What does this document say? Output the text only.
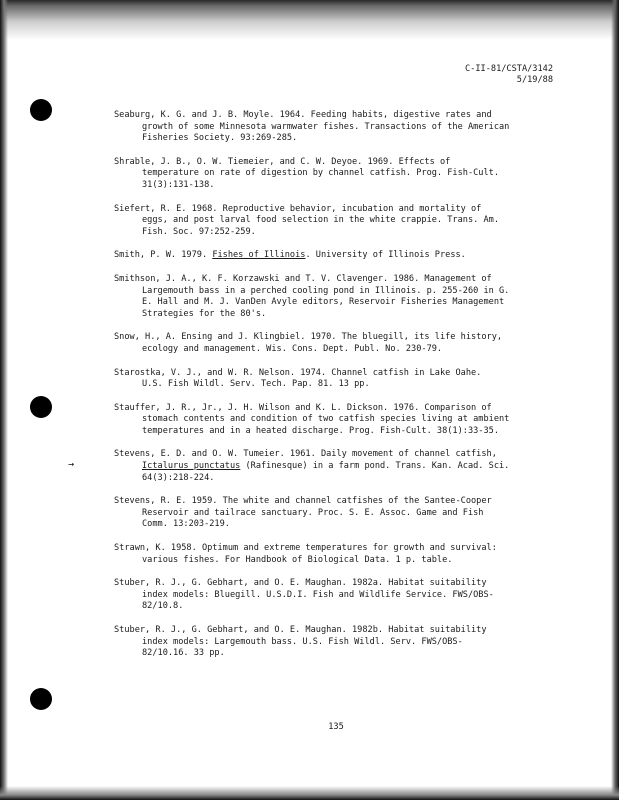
→
C-II-81/CSTA/3142
5/19/88
Seaburg, K. G. and J. B. Moyle. 1964. Feeding habits, digestive rates and
growth of some Minnesota warmwater fishes. Transactions of the American
Fisheries Society. 93:269-285.
Shrable, J. B., O. W. Tiemeier, and C. W. Deyoe. 1969. Effects of
temperature on rate of digestion by channel catfish. Prog. Fish-Cult.
31(3):131-138.
Siefert, R. E. 1968. Reproductive behavior, incubation and mortality of
eggs, and post larval food selection in the white crappie. Trans. Am.
Fish. Soc. 97:252-259.
Smith, P. W. 1979. Fishes of Illinois. University of Illinois Press.
Smithson, J. A., K. F. Korzawski and T. V. Clavenger. 1986. Management of
Largemouth bass in a perched cooling pond in Illinois. p. 255-260 in G.
E. Hall and M. J. VanDen Avyle editors, Reservoir Fisheries Management
Strategies for the 80's.
Snow, H., A. Ensing and J. Klingbiel. 1970. The bluegill, its life history,
ecology and management. Wis. Cons. Dept. Publ. No. 230-79.
Starostka, V. J., and W. R. Nelson. 1974. Channel catfish in Lake Oahe.
U.S. Fish Wildl. Serv. Tech. Pap. 81. 13 pp.
Stauffer, J. R., Jr., J. H. Wilson and K. L. Dickson. 1976. Comparison of
stomach contents and condition of two catfish species living at ambient
temperatures and in a heated discharge. Prog. Fish-Cult. 38(1):33-35.
Stevens, E. D. and O. W. Tumeier. 1961. Daily movement of channel catfish,
Ictalurus punctatus (Rafinesque) in a farm pond. Trans. Kan. Acad. Sci.
64(3):218-224.
Stevens, R. E. 1959. The white and channel catfishes of the Santee-Cooper
Reservoir and tailrace sanctuary. Proc. S. E. Assoc. Game and Fish
Comm. 13:203-219.
Strawn, K. 1958. Optimum and extreme temperatures for growth and survival:
various fishes. For Handbook of Biological Data. 1 p. table.
Stuber, R. J., G. Gebhart, and O. E. Maughan. 1982a. Habitat suitability
index models: Bluegill. U.S.D.I. Fish and Wildlife Service. FWS/OBS-
82/10.8.
Stuber, R. J., G. Gebhart, and O. E. Maughan. 1982b. Habitat suitability
index models: Largemouth bass. U.S. Fish Wildl. Serv. FWS/OBS-
82/10.16. 33 pp.
135
